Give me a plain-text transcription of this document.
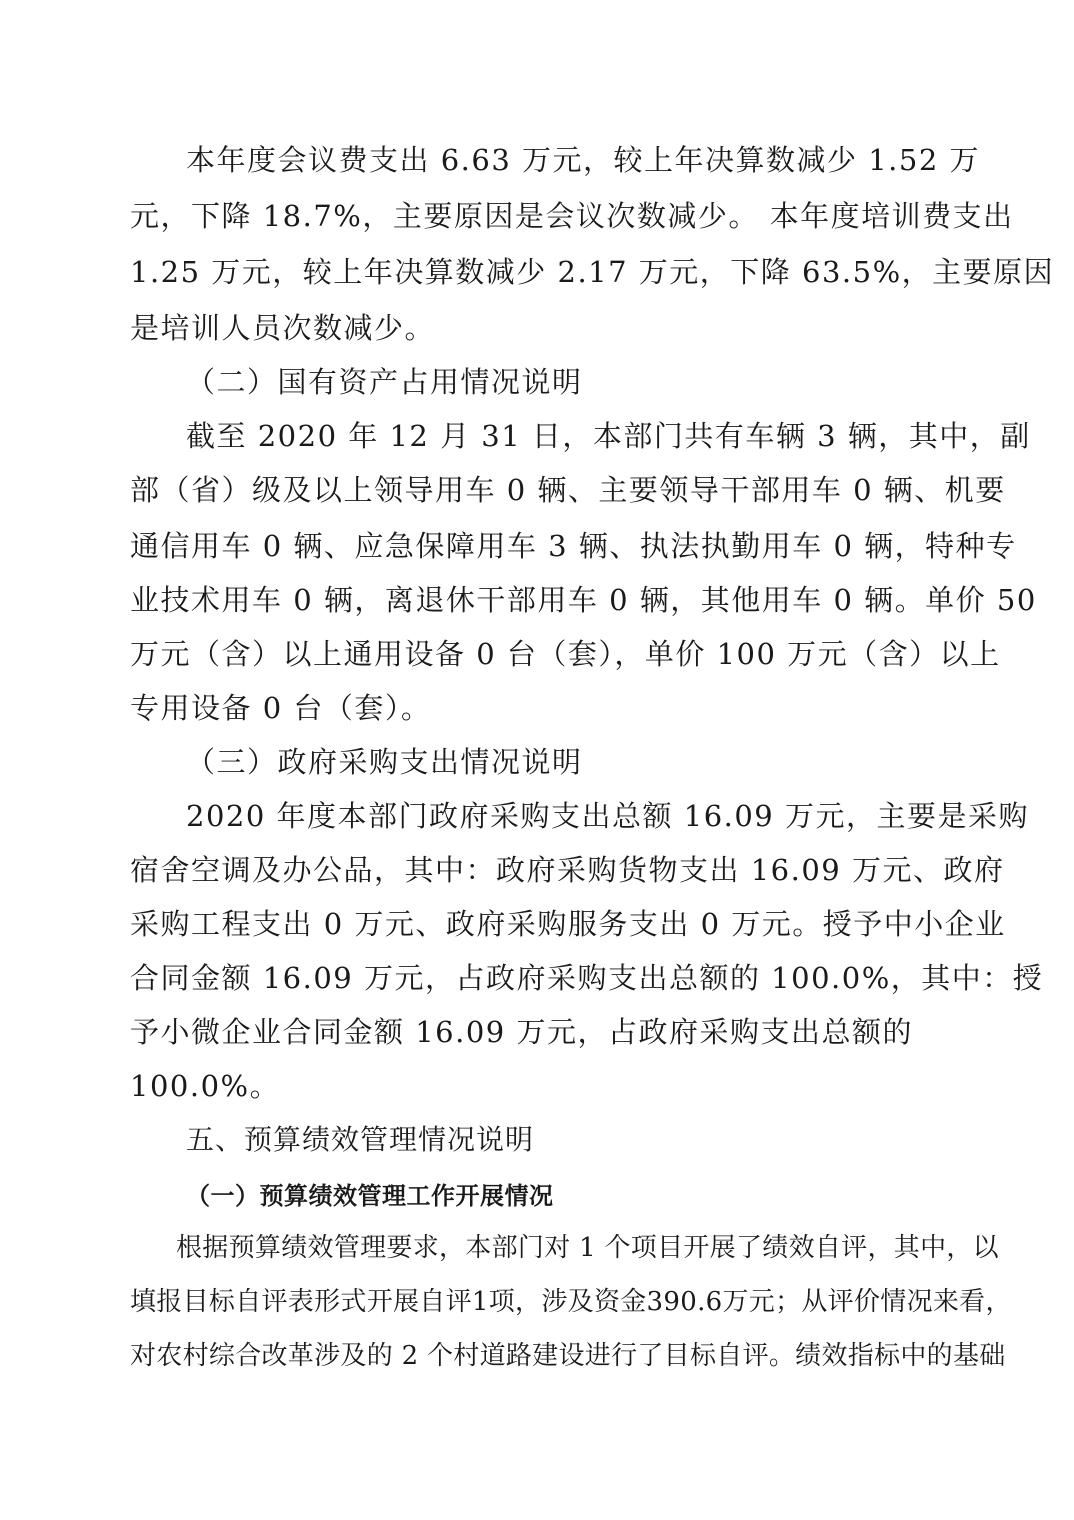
本年度会议费支出 6.63 万元，较上年决算数减少 1.52 万
元，下降 18.7%，主要原因是会议次数减少。 本年度培训费支出
1.25 万元，较上年决算数减少 2.17 万元，下降 63.5%，主要原因
是培训人员次数减少。
（二）国有资产占用情况说明
截至 2020 年 12 月 31 日，本部门共有车辆 3 辆，其中，副
部（省）级及以上领导用车 0 辆、主要领导干部用车 0 辆、机要
通信用车 0 辆、应急保障用车 3 辆、执法执勤用车 0 辆，特种专
业技术用车 0 辆，离退休干部用车 0 辆，其他用车 0 辆。单价 50
万元（含）以上通用设备 0 台（套），单价 100 万元（含）以上
专用设备 0 台（套）。
（三）政府采购支出情况说明
2020 年度本部门政府采购支出总额 16.09 万元，主要是采购
宿舍空调及办公品，其中：政府采购货物支出 16.09 万元、政府
采购工程支出 0 万元、政府采购服务支出 0 万元。授予中小企业
合同金额 16.09 万元，占政府采购支出总额的 100.0%，其中：授
予小微企业合同金额 16.09 万元，占政府采购支出总额的
100.0%。
五、预算绩效管理情况说明
（一）预算绩效管理工作开展情况
根据预算绩效管理要求，本部门对 1 个项目开展了绩效自评，其中，以
填报目标自评表形式开展自评1项，涉及资金390.6万元；从评价情况来看，
对农村综合改革涉及的 2 个村道路建设进行了目标自评。绩效指标中的基础
